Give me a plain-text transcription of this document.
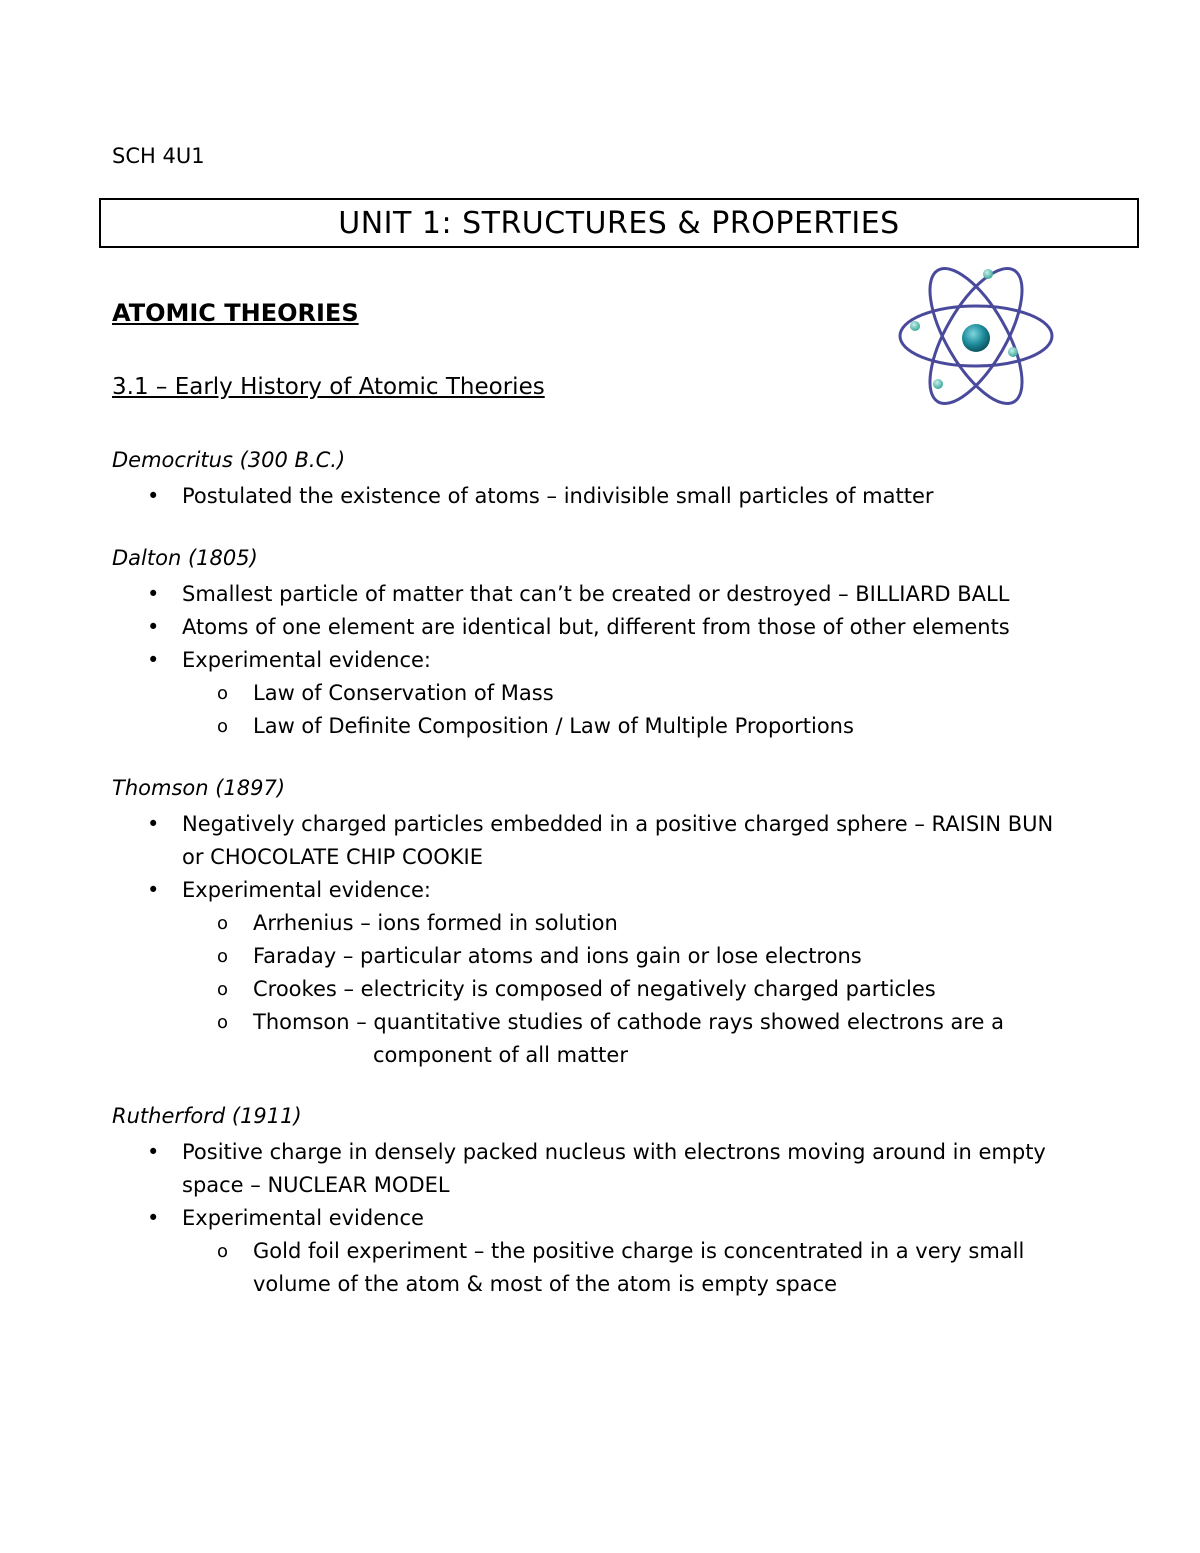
SCH 4U1
UNIT 1: STRUCTURES & PROPERTIES
ATOMIC THEORIES
3.1 – Early History of Atomic Theories
Democritus (300 B.C.)
• Postulated the existence of atoms – indivisible small particles of matter
Dalton (1805)
• Smallest particle of matter that can’t be created or destroyed – BILLIARD BALL
• Atoms of one element are identical but, different from those of other elements
• Experimental evidence:
o Law of Conservation of Mass
o Law of Definite Composition / Law of Multiple Proportions
Thomson (1897)
• Negatively charged particles embedded in a positive charged sphere – RAISIN BUN
or CHOCOLATE CHIP COOKIE
• Experimental evidence:
o Arrhenius – ions formed in solution
o Faraday – particular atoms and ions gain or lose electrons
o Crookes – electricity is composed of negatively charged particles
o Thomson – quantitative studies of cathode rays showed electrons are a
component of all matter
Rutherford (1911)
• Positive charge in densely packed nucleus with electrons moving around in empty
space – NUCLEAR MODEL
• Experimental evidence
o Gold foil experiment – the positive charge is concentrated in a very small
volume of the atom & most of the atom is empty space
